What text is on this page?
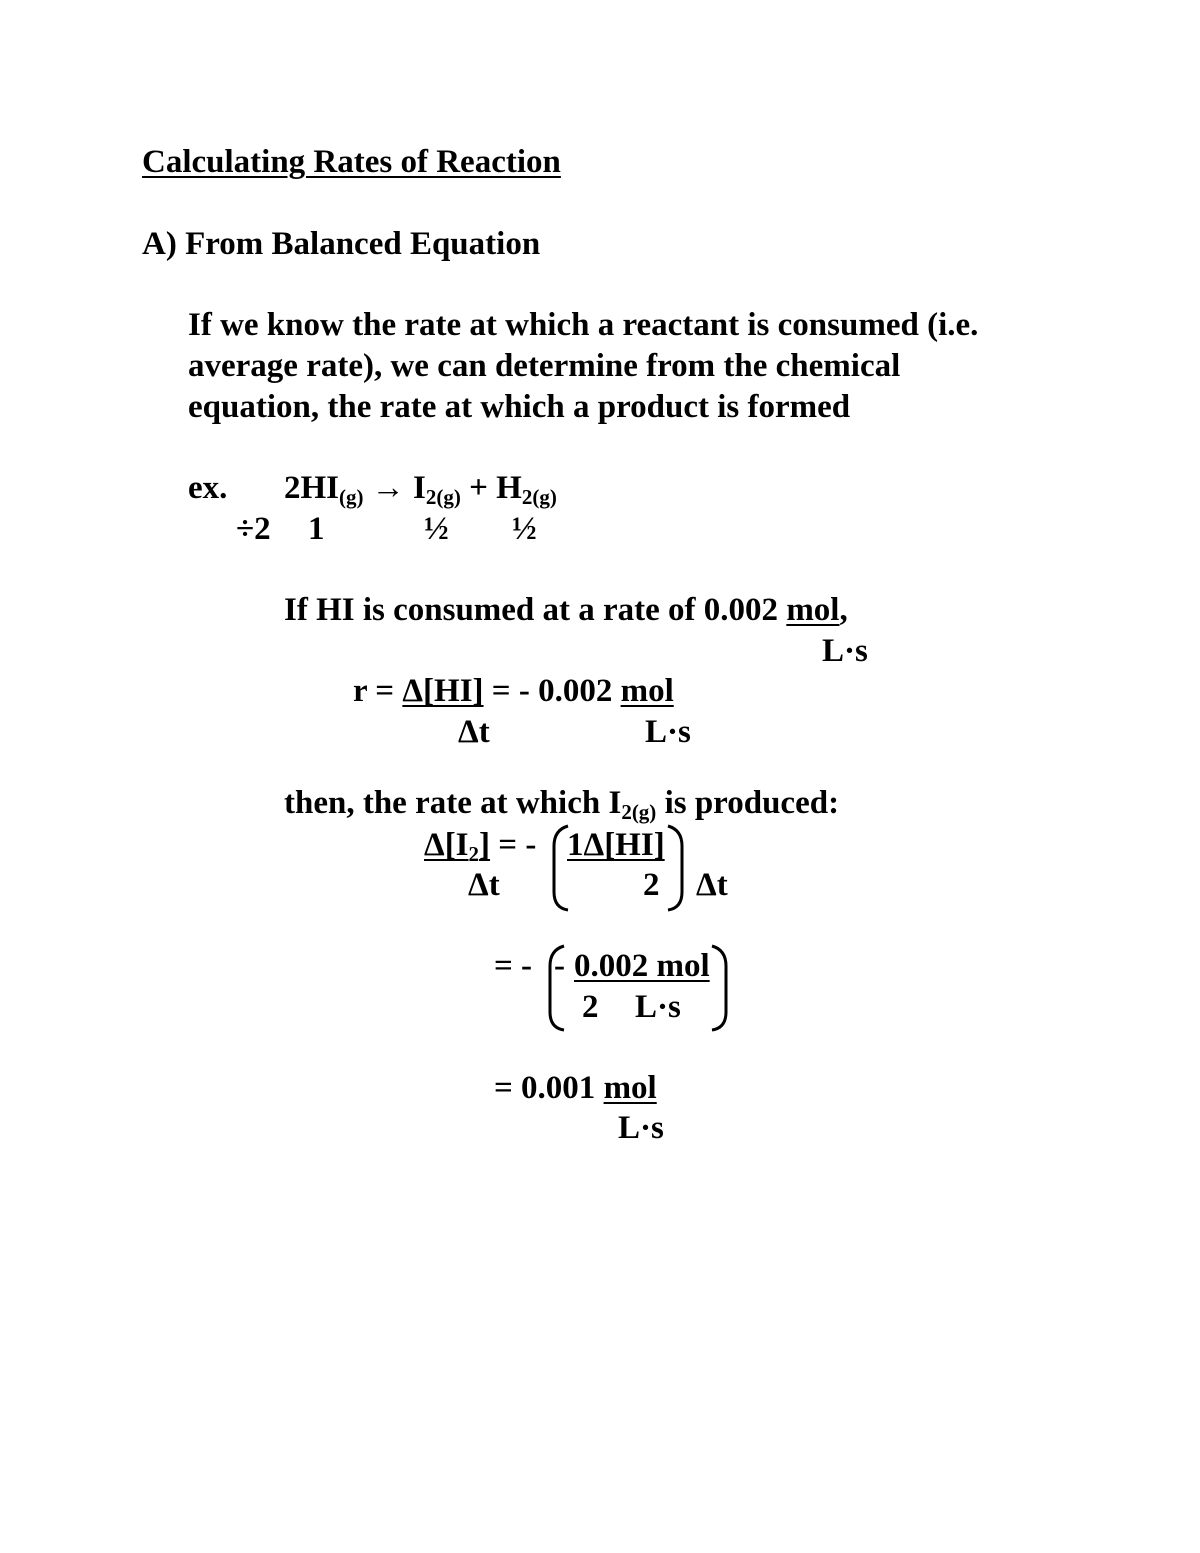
Calculating Rates of Reaction
A) From Balanced Equation
If we know the rate at which a reactant is consumed (i.e.
average rate), we can determine from the chemical
equation, the rate at which a product is formed
ex. $2HI_{(g)} \to I_{2(g)} + H_{2(g)}$
÷2 1	½ ½
If HI is consumed at a rate of 0.002 mol,
L·s
r = Δ[HI] = - 0.002 mol
Δt	L·s
then, the rate at which $I_{2(g)}$ is produced:
$\Delta[I_2]$ = -
Δt
1Δ[HI]
2 Δt
= - - 0.002 mol
2 L·s
= 0.001 mol
L·s
